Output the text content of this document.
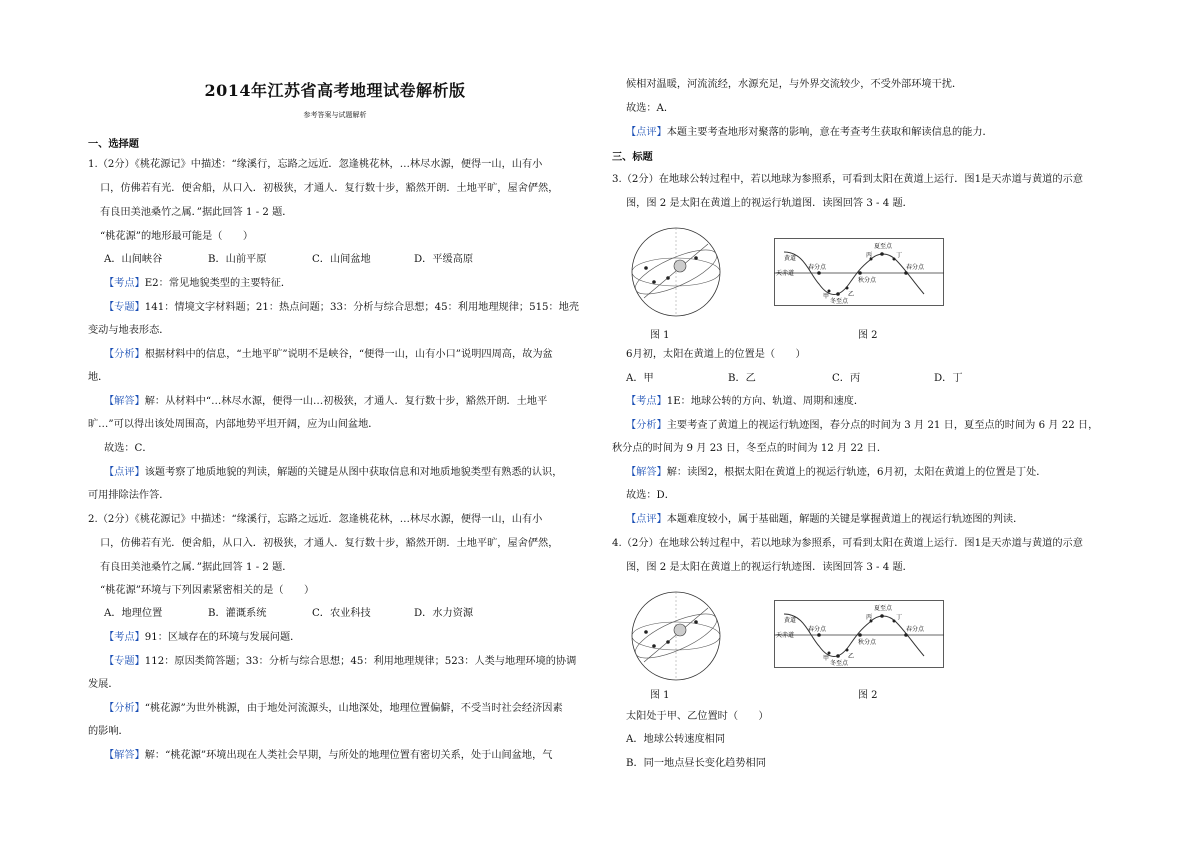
2014年江苏省高考地理试卷解析版
参考答案与试题解析
一、选择题
1.（2分）《桃花源记》中描述：“缘溪行，忘路之远近．忽逢桃花林，…林尽水源，便得一山，山有小
口，仿佛若有光．便舍船，从口入．初极狭，才通人．复行数十步，豁然开朗．土地平旷，屋舍俨然，
有良田美池桑竹之属．”据此回答 1 - 2 题．
“桃花源”的地形最可能是（　　）
A．山间峡谷	B．山前平原	C．山间盆地	D．平缓高原
【考点】E2：常见地貌类型的主要特征．
【专题】141：情境文字材料题；21：热点问题；33：分析与综合思想；45：利用地理规律；515：地壳
变动与地表形态．
【分析】根据材料中的信息，“土地平旷”说明不是峡谷，“便得一山，山有小口”说明四周高，故为盆
地．
【解答】解：从材料中“…林尽水源，便得一山…初极狭，才通人．复行数十步，豁然开朗．土地平
旷…”可以得出该处周围高，内部地势平坦开阔，应为山间盆地．
故选：C．
【点评】该题考察了地质地貌的判读，解题的关键是从图中获取信息和对地质地貌类型有熟悉的认识，
可用排除法作答．
2.（2分）《桃花源记》中描述：“缘溪行，忘路之远近．忽逢桃花林，…林尽水源，便得一山，山有小
口，仿佛若有光．便舍船，从口入．初极狭，才通人．复行数十步，豁然开朗．土地平旷，屋舍俨然，
有良田美池桑竹之属．”据此回答 1 - 2 题．
“桃花源”环境与下列因素紧密相关的是（　　）
A．地理位置	B．灌溉系统	C．农业科技	D．水力资源
【考点】91：区域存在的环境与发展问题．
【专题】112：原因类简答题；33：分析与综合思想；45：利用地理规律；523：人类与地理环境的协调
发展．
【分析】“桃花源”为世外桃源，由于地处河流源头，山地深处，地理位置偏僻，不受当时社会经济因素
的影响．
【解答】解：“桃花源”环境出现在人类社会早期，与所处的地理位置有密切关系，处于山间盆地，气
候相对温暖，河流流经，水源充足，与外界交流较少，不受外部环境干扰．
故选：A．
【点评】本题主要考查地形对聚落的影响，意在考查考生获取和解读信息的能力．
三、标题
3.（2分）在地球公转过程中，若以地球为参照系，可看到太阳在黄道上运行．图1是天赤道与黄道的示意
图，图 2 是太阳在黄道上的视运行轨道图．读图回答 3 - 4 题．
图 1
黄道
天赤道
春分点
夏至点
秋分点
冬至点
春分点
甲	乙
丙	丁
图 2
6月初，太阳在黄道上的位置是（　　）
A．甲	B．乙	C．丙	D．丁
【考点】1E：地球公转的方向、轨道、周期和速度．
【分析】主要考查了黄道上的视运行轨迹图，春分点的时间为 3 月 21 日，夏至点的时间为 6 月 22 日，
秋分点的时间为 9 月 23 日，冬至点的时间为 12 月 22 日．
【解答】解：读图2，根据太阳在黄道上的视运行轨迹，6月初，太阳在黄道上的位置是丁处．
故选：D．
【点评】本题难度较小，属于基础题，解题的关键是掌握黄道上的视运行轨迹图的判读．
4.（2分）在地球公转过程中，若以地球为参照系，可看到太阳在黄道上运行．图1是天赤道与黄道的示意
图，图 2 是太阳在黄道上的视运行轨迹图．读图回答 3 - 4 题．
图 1
黄道
天赤道
春分点
夏至点
秋分点
冬至点
春分点
甲	乙
丙	丁
图 2
太阳处于甲、乙位置时（　　）
A．地球公转速度相同
B．同一地点昼长变化趋势相同
